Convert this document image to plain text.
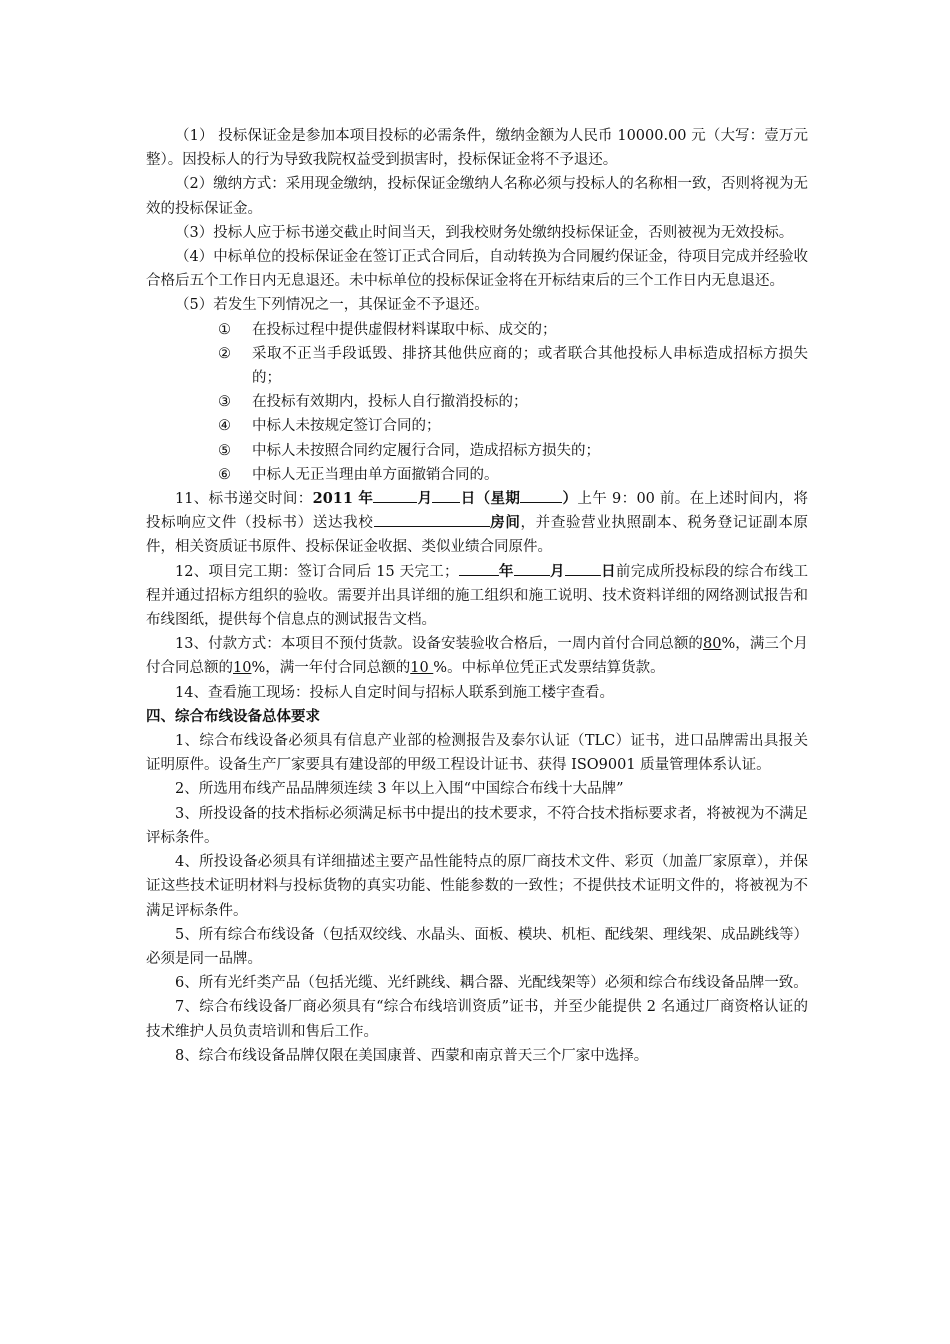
（1） 投标保证金是参加本项目投标的必需条件，缴纳金额为人民币 10000.00 元（大写：壹万元整）。因投标人的行为导致我院权益受到损害时，投标保证金将不予退还。

（2）缴纳方式：采用现金缴纳，投标保证金缴纳人名称必须与投标人的名称相一致，否则将视为无效的投标保证金。

（3）投标人应于标书递交截止时间当天，到我校财务处缴纳投标保证金，否则被视为无效投标。

（4）中标单位的投标保证金在签订正式合同后，自动转换为合同履约保证金，待项目完成并经验收合格后五个工作日内无息退还。未中标单位的投标保证金将在开标结束后的三个工作日内无息退还。

（5）若发生下列情况之一，其保证金不予退还。

①	在投标过程中提供虚假材料谋取中标、成交的；
②	采取不正当手段诋毁、排挤其他供应商的；或者联合其他投标人串标造成招标方损失的；
③	在投标有效期内，投标人自行撤消投标的；
④	中标人未按规定签订合同的；
⑤	中标人未按照合同约定履行合同，造成招标方损失的；
⑥	中标人无正当理由单方面撤销合同的。

11、标书递交时间：2011 年	月 日（星期	）上午 9：00 前。在上述时间内，将投标响应文件（投标书）送达我校	房间，并查验营业执照副本、税务登记证副本原件，相关资质证书原件、投标保证金收据、类似业绩合同原件。

12、项目完工期：签订合同后 15 天完工；	年 月 日前完成所投标段的综合布线工程并通过招标方组织的验收。需要并出具详细的施工组织和施工说明、技术资料详细的网络测试报告和布线图纸，提供每个信息点的测试报告文档。

13、付款方式：本项目不预付货款。设备安装验收合格后，一周内首付合同总额的80%，满三个月付合同总额的10%，满一年付合同总额的10 %。中标单位凭正式发票结算货款。

14、查看施工现场：投标人自定时间与招标人联系到施工楼宇查看。

四、综合布线设备总体要求

1、综合布线设备必须具有信息产业部的检测报告及泰尔认证（TLC）证书，进口品牌需出具报关证明原件。设备生产厂家要具有建设部的甲级工程设计证书、获得 ISO9001 质量管理体系认证。

2、所选用布线产品品牌须连续 3 年以上入围“中国综合布线十大品牌”

3、所投设备的技术指标必须满足标书中提出的技术要求，不符合技术指标要求者，将被视为不满足评标条件。

4、所投设备必须具有详细描述主要产品性能特点的原厂商技术文件、彩页（加盖厂家原章），并保证这些技术证明材料与投标货物的真实功能、性能参数的一致性；不提供技术证明文件的，将被视为不满足评标条件。

5、所有综合布线设备（包括双绞线、水晶头、面板、模块、机柜、配线架、理线架、成品跳线等）必须是同一品牌。

6、所有光纤类产品（包括光缆、光纤跳线、耦合器、光配线架等）必须和综合布线设备品牌一致。

7、综合布线设备厂商必须具有“综合布线培训资质”证书，并至少能提供 2 名通过厂商资格认证的技术维护人员负责培训和售后工作。

8、综合布线设备品牌仅限在美国康普、西蒙和南京普天三个厂家中选择。
